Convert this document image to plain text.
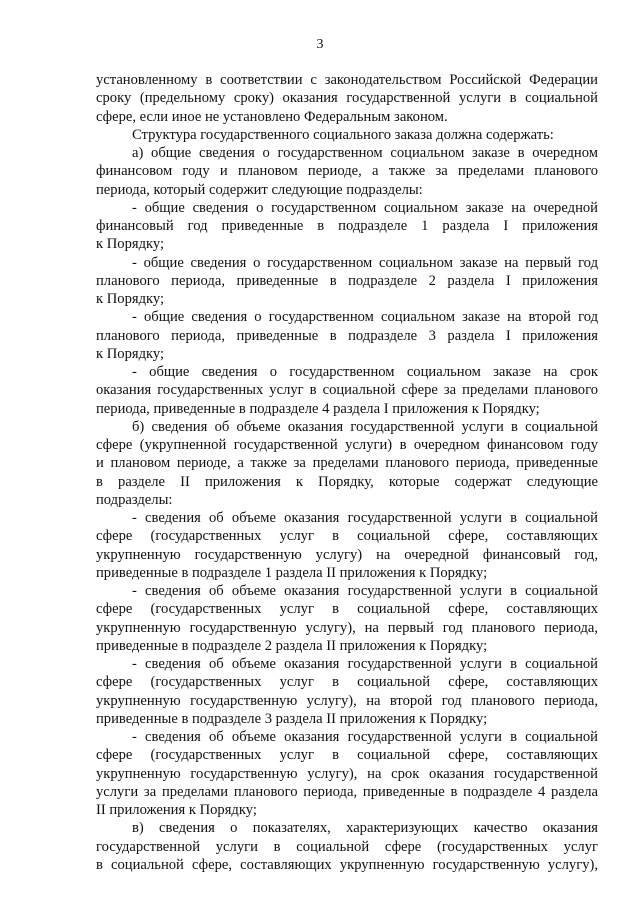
3
установленному в соответствии с законодательством Российской Федерации
сроку (предельному сроку) оказания государственной услуги в социальной
сфере, если иное не установлено Федеральным законом.
Структура государственного социального заказа должна содержать:
а) общие сведения о государственном социальном заказе в очередном
финансовом году и плановом периоде, а также за пределами планового
периода, который содержит следующие подразделы:
- общие сведения о государственном социальном заказе на очередной
финансовый год приведенные в подразделе 1 раздела I приложения
к Порядку;
- общие сведения о государственном социальном заказе на первый год
планового периода, приведенные в подразделе 2 раздела I приложения
к Порядку;
- общие сведения о государственном социальном заказе на второй год
планового периода, приведенные в подразделе 3 раздела I приложения
к Порядку;
- общие сведения о государственном социальном заказе на срок
оказания государственных услуг в социальной сфере за пределами планового
периода, приведенные в подразделе 4 раздела I приложения к Порядку;
б) сведения об объеме оказания государственной услуги в социальной
сфере (укрупненной государственной услуги) в очередном финансовом году
и плановом периоде, а также за пределами планового периода, приведенные
в разделе II приложения к Порядку, которые содержат следующие
подразделы:
- сведения об объеме оказания государственной услуги в социальной
сфере (государственных услуг в социальной сфере, составляющих
укрупненную государственную услугу) на очередной финансовый год,
приведенные в подразделе 1 раздела II приложения к Порядку;
- сведения об объеме оказания государственной услуги в социальной
сфере (государственных услуг в социальной сфере, составляющих
укрупненную государственную услугу), на первый год планового периода,
приведенные в подразделе 2 раздела II приложения к Порядку;
- сведения об объеме оказания государственной услуги в социальной
сфере (государственных услуг в социальной сфере, составляющих
укрупненную государственную услугу), на второй год планового периода,
приведенные в подразделе 3 раздела II приложения к Порядку;
- сведения об объеме оказания государственной услуги в социальной
сфере (государственных услуг в социальной сфере, составляющих
укрупненную государственную услугу), на срок оказания государственной
услуги за пределами планового периода, приведенные в подразделе 4 раздела
II приложения к Порядку;
в) сведения о показателях, характеризующих качество оказания
государственной услуги в социальной сфере (государственных услуг
в социальной сфере, составляющих укрупненную государственную услугу),
